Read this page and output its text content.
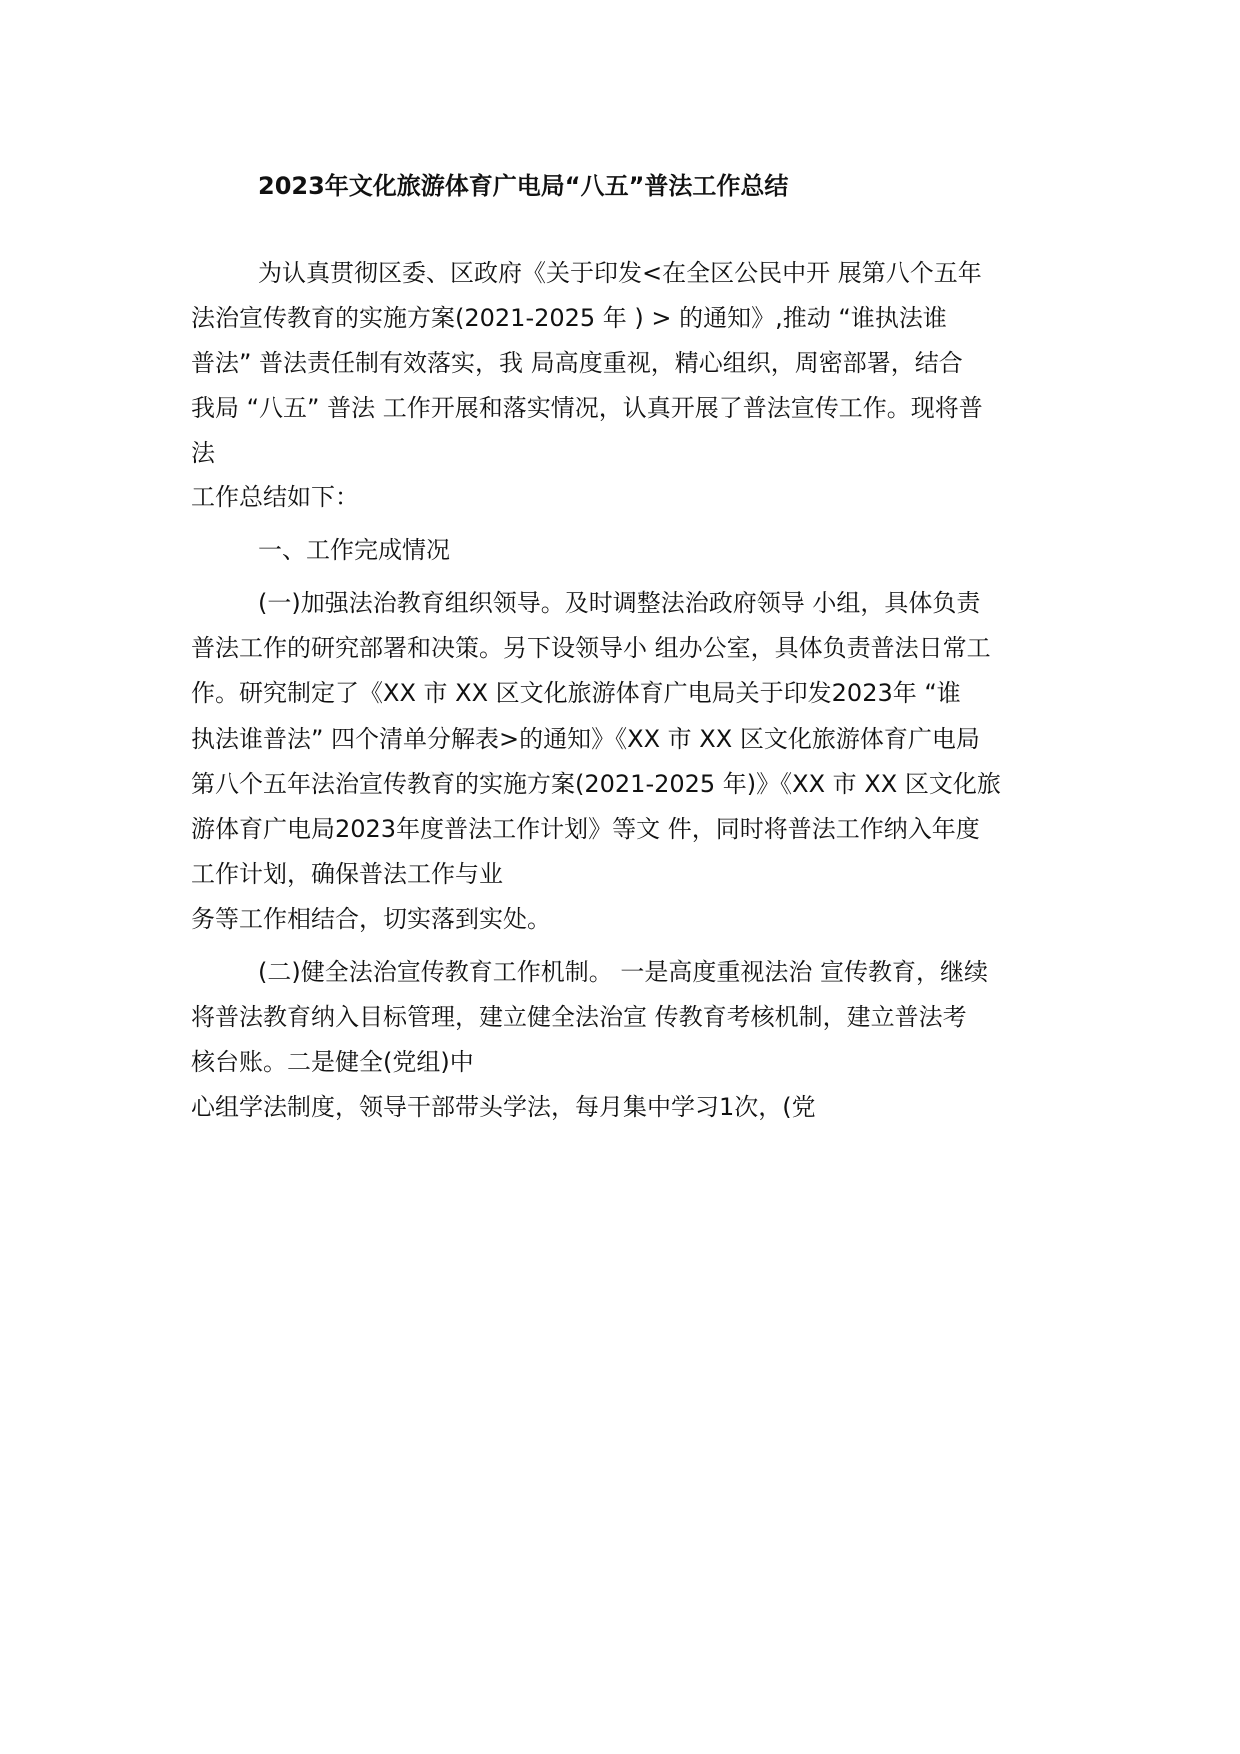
2023年文化旅游体育广电局“八五”普法工作总结
为认真贯彻区委、区政府《关于印发<在全区公民中开 展第八个五年
法治宣传教育的实施方案(2021-2025 年 ) > 的通知》,推动 “谁执法谁
普法” 普法责任制有效落实，我 局高度重视，精心组织，周密部署，结合
我局 “八五” 普法 工作开展和落实情况，认真开展了普法宣传工作。现将普
法
工作总结如下：
一、工作完成情况
(一)加强法治教育组织领导。及时调整法治政府领导 小组，具体负责
普法工作的研究部署和决策。另下设领导小 组办公室，具体负责普法日常工
作。研究制定了《XX 市 XX 区文化旅游体育广电局关于印发2023年 “谁
执法谁普法” 四个清单分解表>的通知》《XX 市 XX 区文化旅游体育广电局
第八个五年法治宣传教育的实施方案(2021-2025 年)》《XX 市 XX 区文化旅
游体育广电局2023年度普法工作计划》等文 件，同时将普法工作纳入年度
工作计划，确保普法工作与业
务等工作相结合，切实落到实处。
(二)健全法治宣传教育工作机制。 一是高度重视法治 宣传教育，继续
将普法教育纳入目标管理，建立健全法治宣 传教育考核机制，建立普法考
核台账。二是健全(党组)中
心组学法制度，领导干部带头学法，每月集中学习1次，(党
